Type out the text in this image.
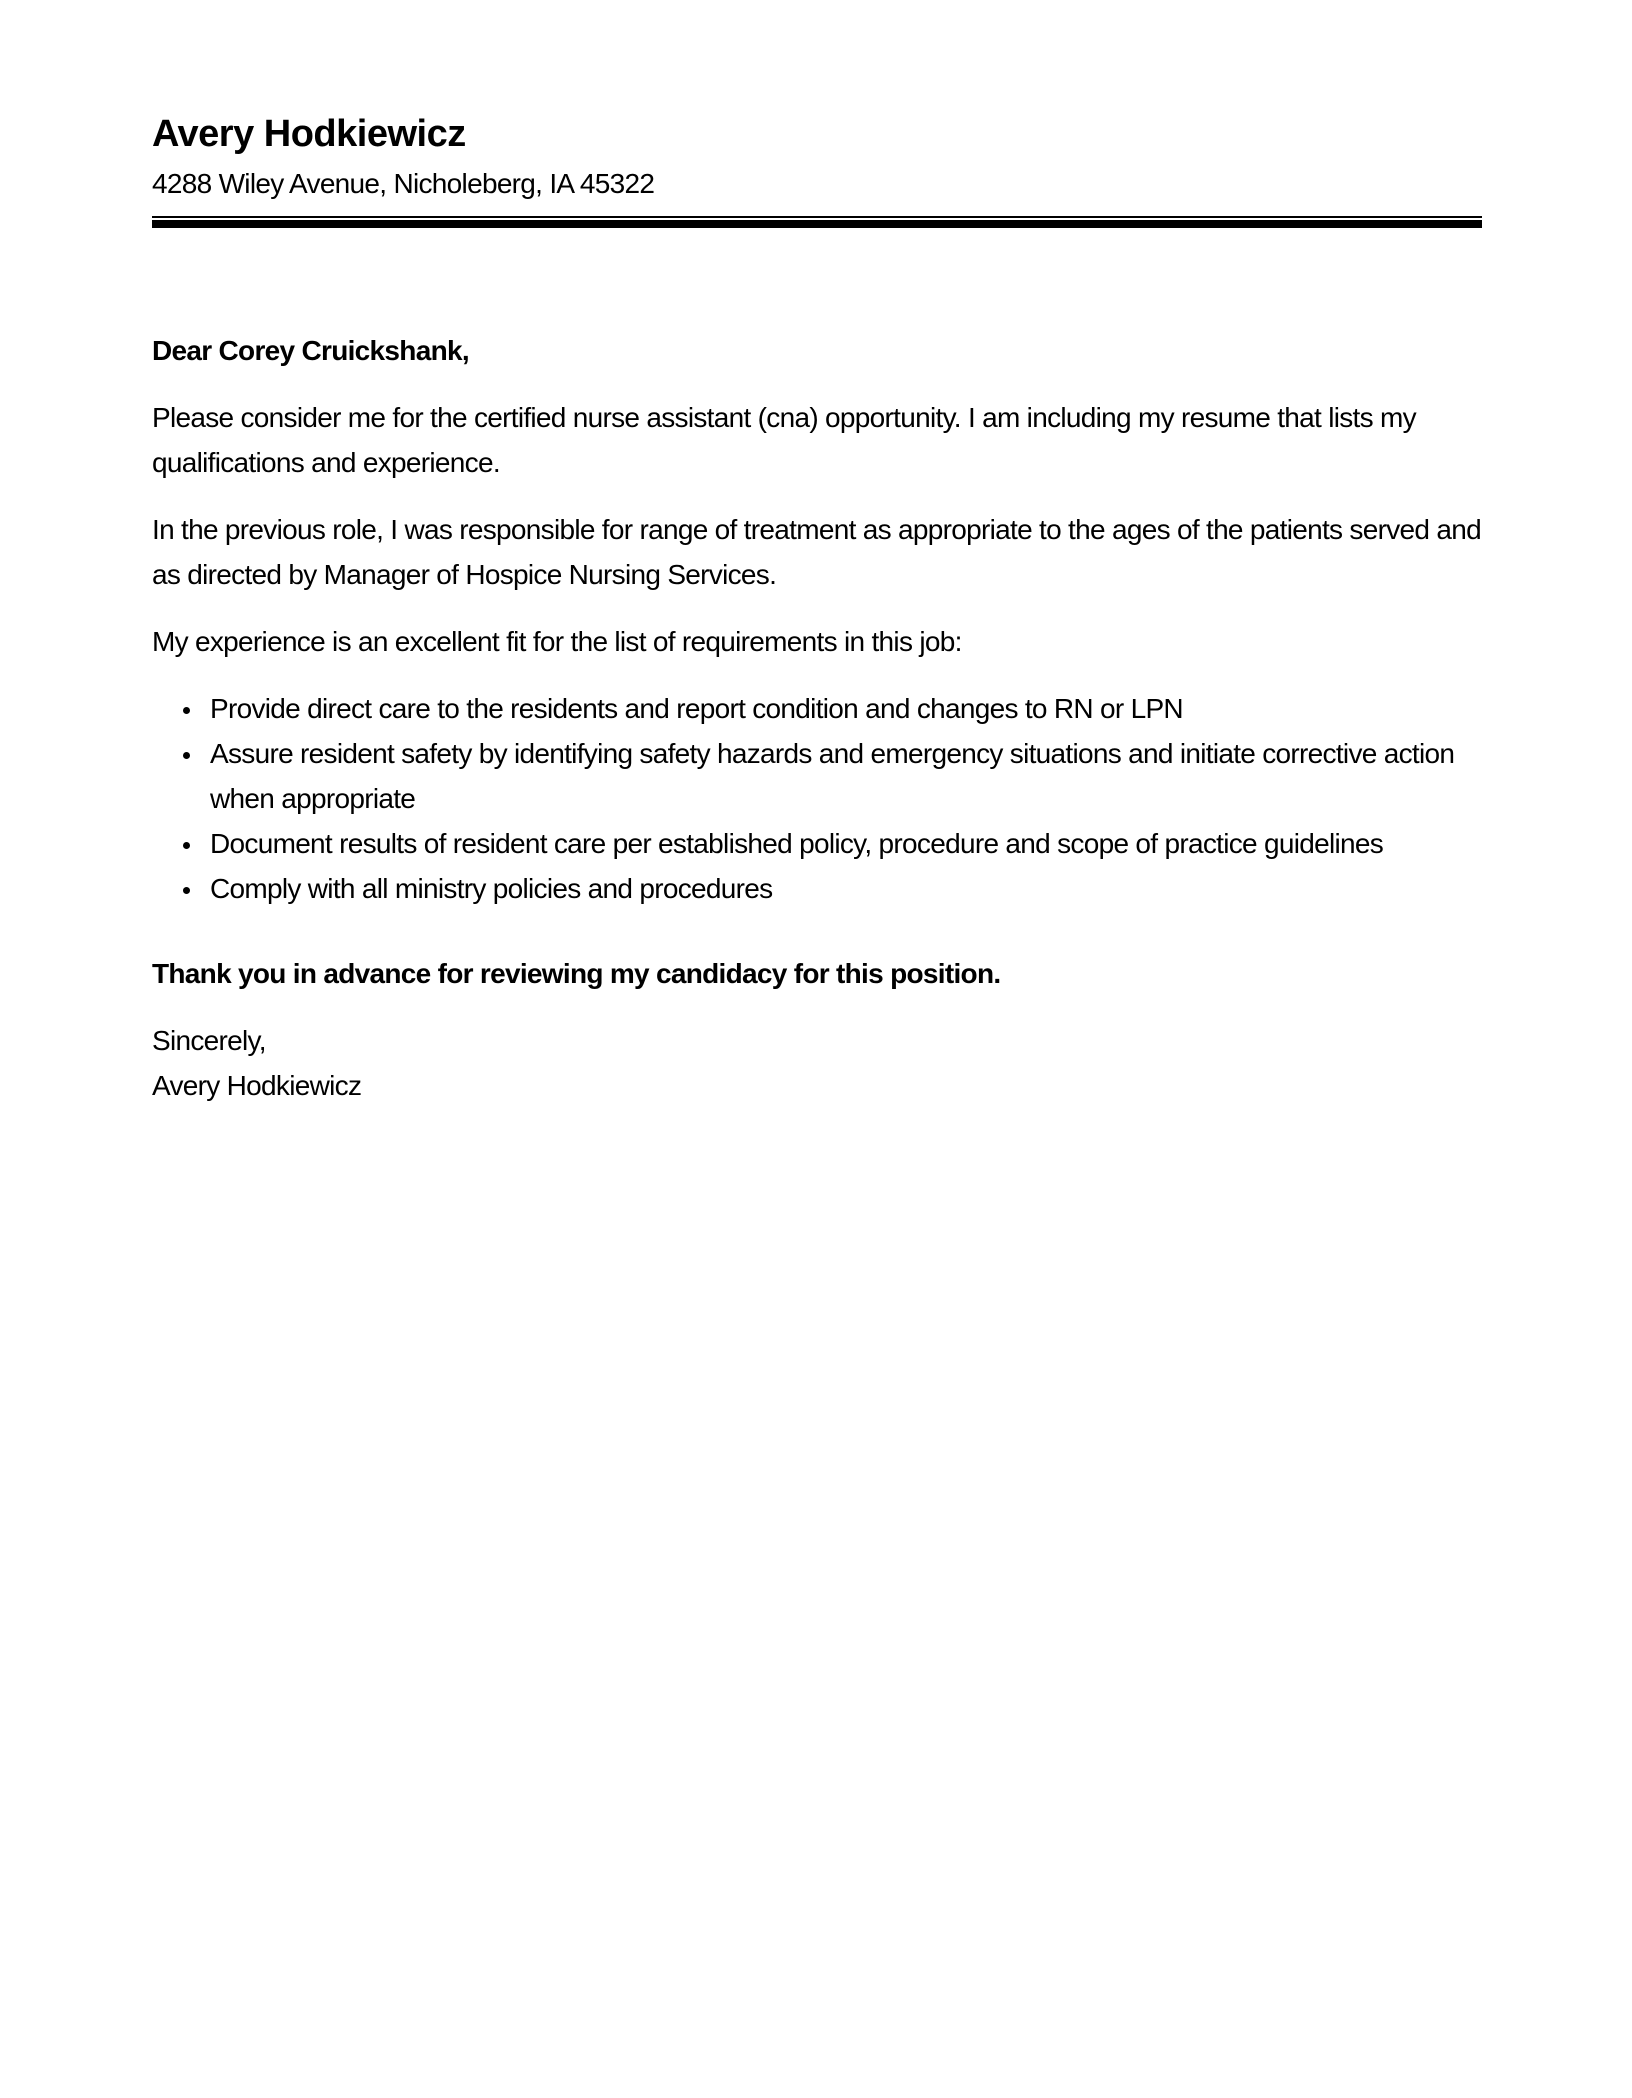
Avery Hodkiewicz
4288 Wiley Avenue, Nicholeberg, IA 45322

Dear Corey Cruickshank,

Please consider me for the certified nurse assistant (cna) opportunity. I am including my resume that lists my qualifications and experience.

In the previous role, I was responsible for range of treatment as appropriate to the ages of the patients served and as directed by Manager of Hospice Nursing Services.

My experience is an excellent fit for the list of requirements in this job:

• Provide direct care to the residents and report condition and changes to RN or LPN
• Assure resident safety by identifying safety hazards and emergency situations and initiate corrective action when appropriate
• Document results of resident care per established policy, procedure and scope of practice guidelines
• Comply with all ministry policies and procedures

Thank you in advance for reviewing my candidacy for this position.

Sincerely,
Avery Hodkiewicz
